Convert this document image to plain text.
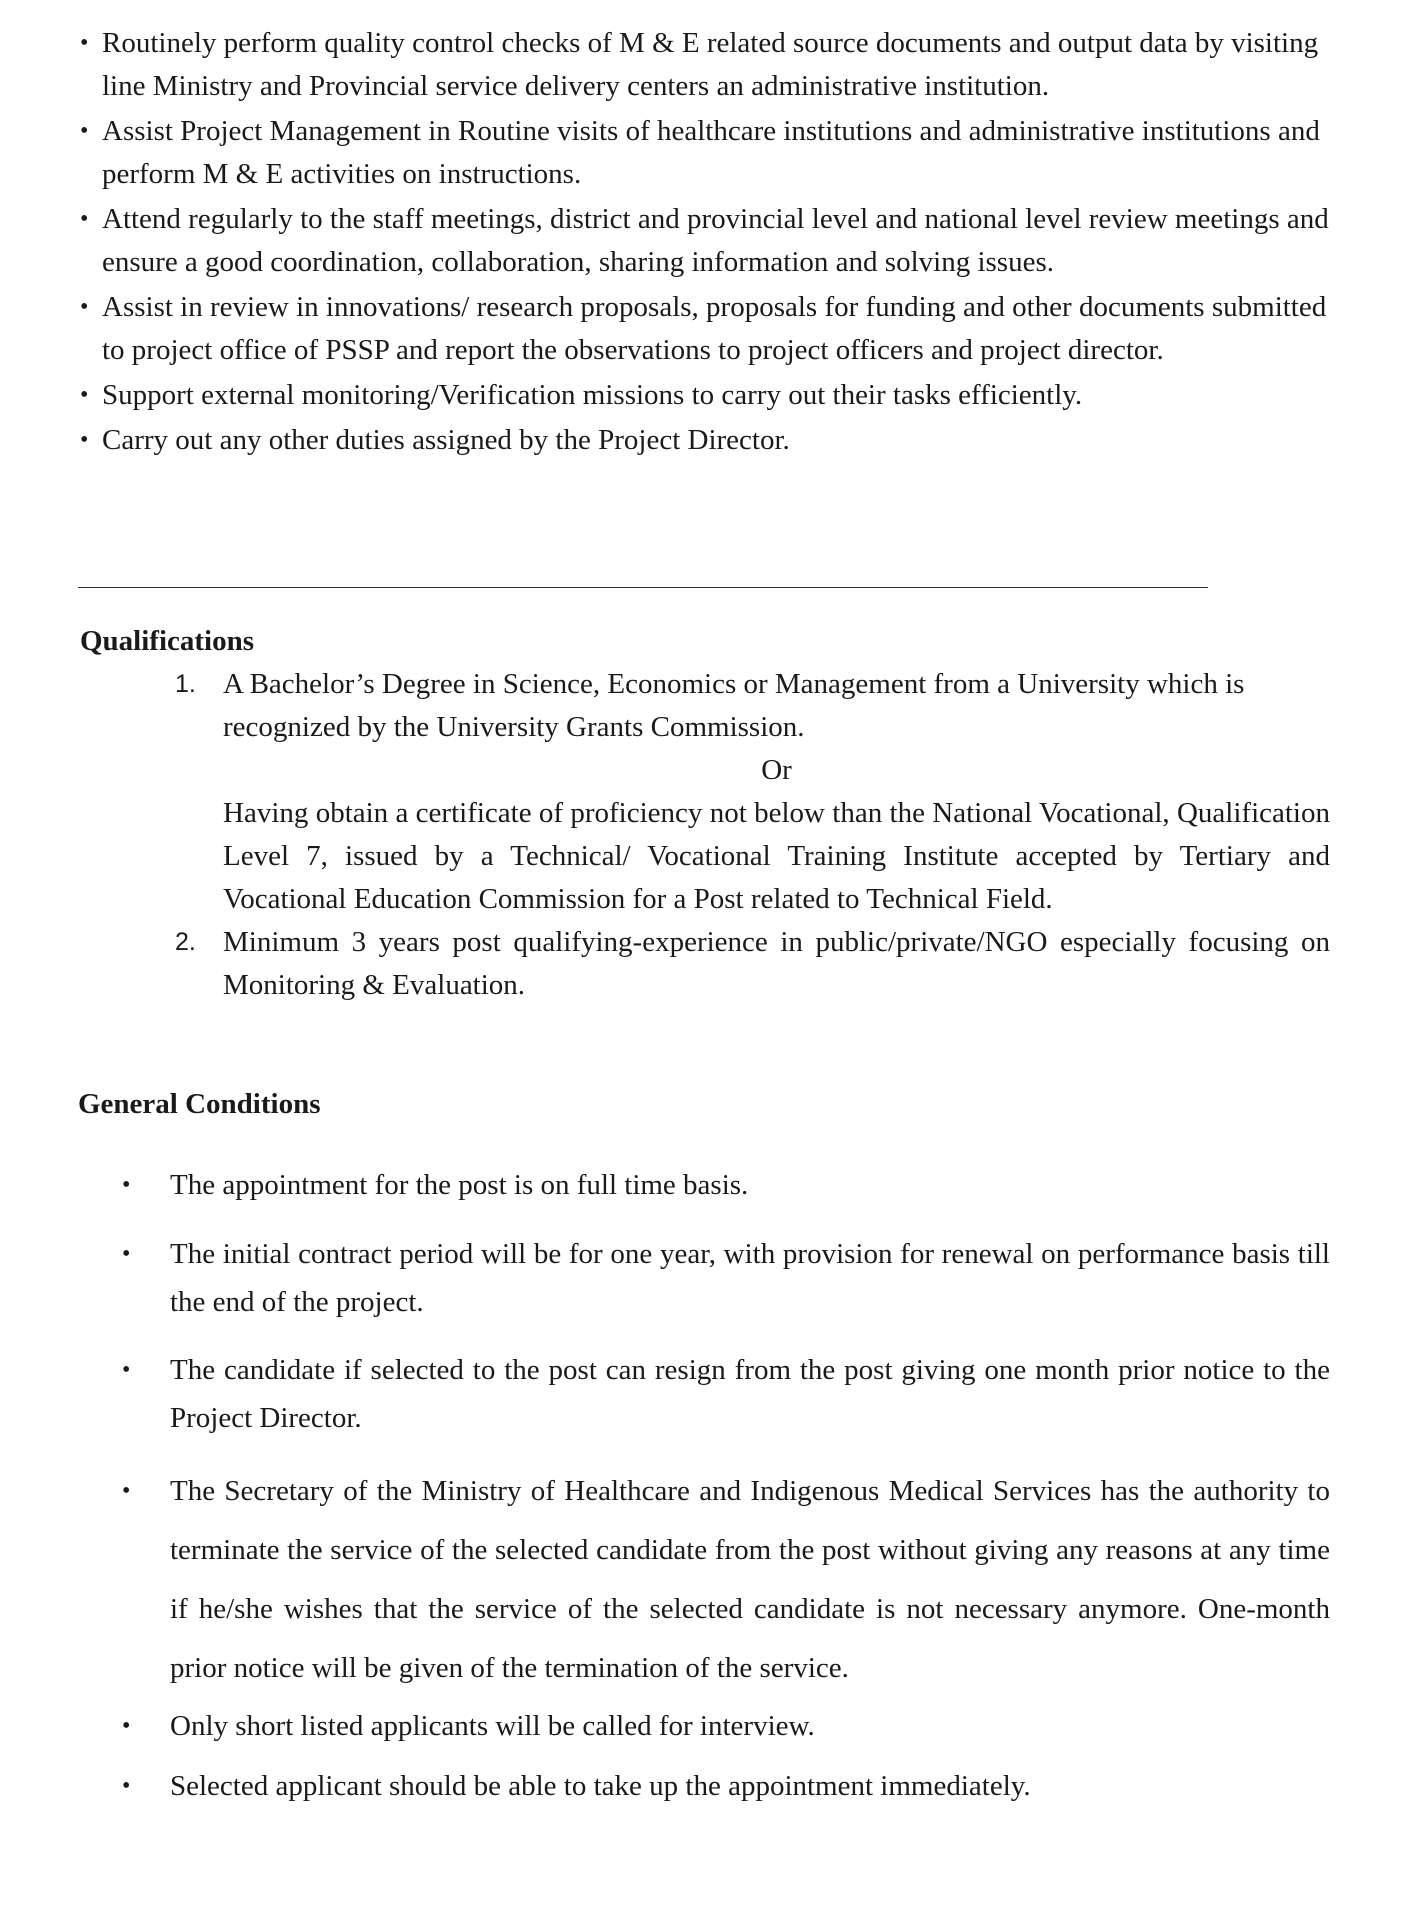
• Routinely perform quality control checks of M & E related source documents and output data by visiting line Ministry and Provincial service delivery centers an administrative institution.
• Assist Project Management in Routine visits of healthcare institutions and administrative institutions and perform M & E activities on instructions.
• Attend regularly to the staff meetings, district and provincial level and national level review meetings and ensure a good coordination, collaboration, sharing information and solving issues.
• Assist in review in innovations/ research proposals, proposals for funding and other documents submitted to project office of PSSP and report the observations to project officers and project director.
• Support external monitoring/Verification missions to carry out their tasks efficiently.
• Carry out any other duties assigned by the Project Director.
Qualifications
1. A Bachelor’s Degree in Science, Economics or Management from a University which is recognized by the University Grants Commission.

Or

Having obtain a certificate of proficiency not below than the National Vocational, Qualification Level 7, issued by a Technical/ Vocational Training Institute accepted by Tertiary and Vocational Education Commission for a Post related to Technical Field.

2. Minimum 3 years post qualifying-experience in public/private/NGO especially focusing on Monitoring & Evaluation.

General Conditions
• The appointment for the post is on full time basis.
• The initial contract period will be for one year, with provision for renewal on performance basis till the end of the project.
• The candidate if selected to the post can resign from the post giving one month prior notice to the Project Director.
• The Secretary of the Ministry of Healthcare and Indigenous Medical Services has the authority to terminate the service of the selected candidate from the post without giving any reasons at any time if he/she wishes that the service of the selected candidate is not necessary anymore. One-month prior notice will be given of the termination of the service.
• Only short listed applicants will be called for interview.
• Selected applicant should be able to take up the appointment immediately.
